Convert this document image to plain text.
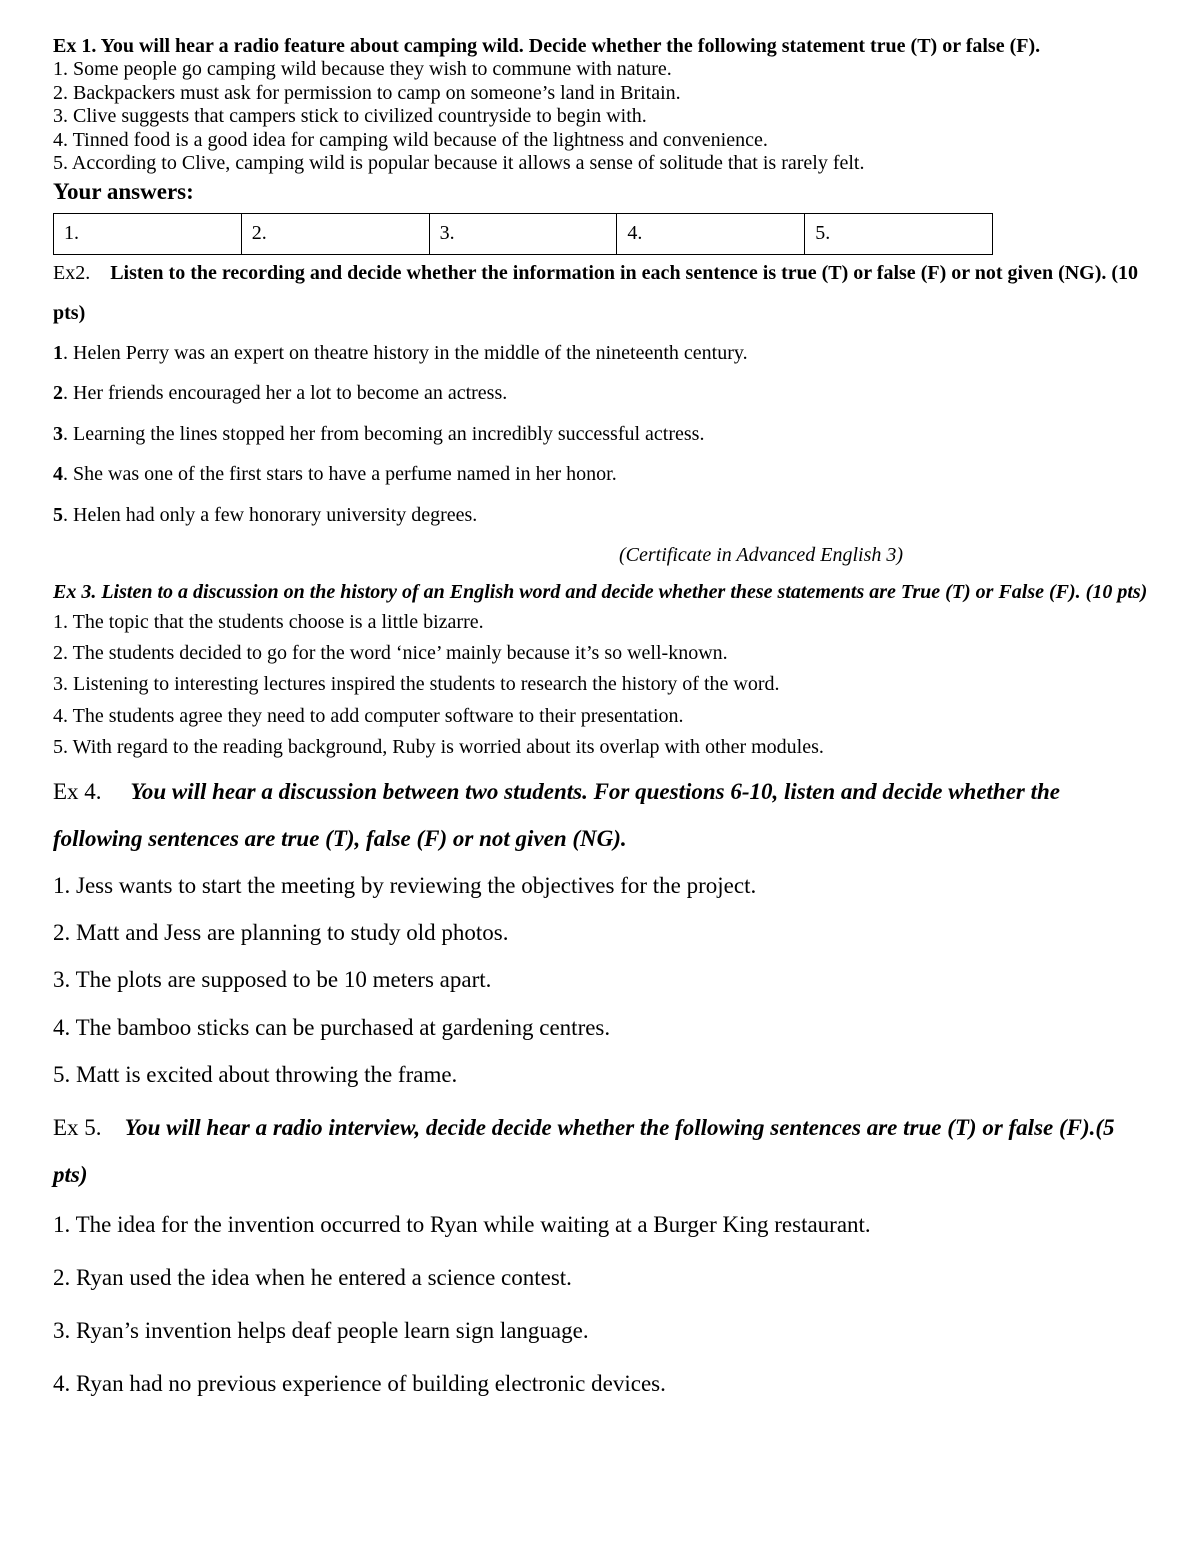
Ex 1. You will hear a radio feature about camping wild. Decide whether the following statement true (T) or false (F).

1. Some people go camping wild because they wish to commune with nature.
2. Backpackers must ask for permission to camp on someone’s land in Britain.
3. Clive suggests that campers stick to civilized countryside to begin with.
4. Tinned food is a good idea for camping wild because of the lightness and convenience.
5. According to Clive, camping wild is popular because it allows a sense of solitude that is rarely felt.
Your answers:
1.	2.	3.	4.	5.

Ex2. Listen to the recording and decide whether the information in each sentence is true (T) or false (F) or not given (NG). (10 pts)

1. Helen Perry was an expert on theatre history in the middle of the nineteenth century.
2. Her friends encouraged her a lot to become an actress.
3. Learning the lines stopped her from becoming an incredibly successful actress.
4. She was one of the first stars to have a perfume named in her honor.
5. Helen had only a few honorary university degrees.
(Certificate in Advanced English 3)

Ex 3. Listen to a discussion on the history of an English word and decide whether these statements are True (T) or False (F). (10 pts)

1. The topic that the students choose is a little bizarre.
2. The students decided to go for the word ‘nice’ mainly because it’s so well-known.
3. Listening to interesting lectures inspired the students to research the history of the word.
4. The students agree they need to add computer software to their presentation.
5. With regard to the reading background, Ruby is worried about its overlap with other modules.

Ex 4. You will hear a discussion between two students. For questions 6-10, listen and decide whether the following sentences are true (T), false (F) or not given (NG).

1. Jess wants to start the meeting by reviewing the objectives for the project.
2. Matt and Jess are planning to study old photos.
3. The plots are supposed to be 10 meters apart.
4. The bamboo sticks can be purchased at gardening centres.
5. Matt is excited about throwing the frame.

Ex 5. You will hear a radio interview, decide decide whether the following sentences are true (T) or false (F).(5 pts)

1. The idea for the invention occurred to Ryan while waiting at a Burger King restaurant.
2. Ryan used the idea when he entered a science contest.
3. Ryan’s invention helps deaf people learn sign language.
4. Ryan had no previous experience of building electronic devices.
